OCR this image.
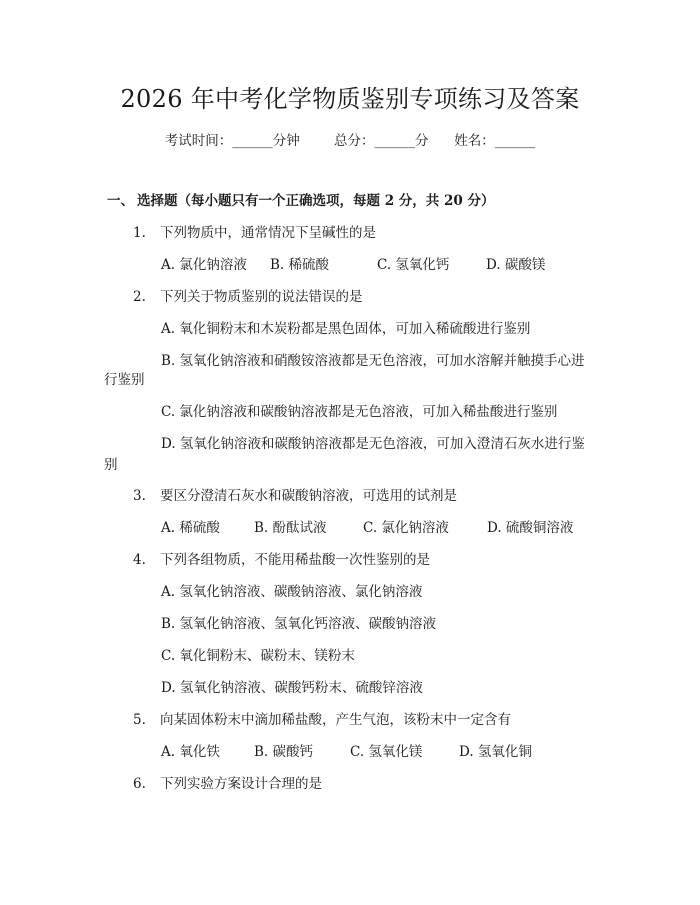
2026 年中考化学物质鉴别专项练习及答案
考试时间：______分钟	总分：______分 姓名：______
一、 选择题（每小题只有一个正确选项，每题 2 分，共 20 分）
1. 下列物质中，通常情况下呈碱性的是
A. 氯化钠溶液 B. 稀硫酸	C. 氢氧化钙	D. 碳酸镁
2. 下列关于物质鉴别的说法错误的是
A. 氧化铜粉末和木炭粉都是黑色固体，可加入稀硫酸进行鉴别
B. 氢氧化钠溶液和硝酸铵溶液都是无色溶液，可加水溶解并触摸手心进
行鉴别
C. 氯化钠溶液和碳酸钠溶液都是无色溶液，可加入稀盐酸进行鉴别
D. 氢氧化钠溶液和碳酸钠溶液都是无色溶液，可加入澄清石灰水进行鉴
别
3. 要区分澄清石灰水和碳酸钠溶液，可选用的试剂是
A. 稀硫酸	B. 酚酞试液	C. 氯化钠溶液	D. 硫酸铜溶液
4. 下列各组物质，不能用稀盐酸一次性鉴别的是
A. 氢氧化钠溶液、碳酸钠溶液、氯化钠溶液
B. 氢氧化钠溶液、氢氧化钙溶液、碳酸钠溶液
C. 氧化铜粉末、碳粉末、镁粉末
D. 氢氧化钠溶液、碳酸钙粉末、硫酸锌溶液
5. 向某固体粉末中滴加稀盐酸，产生气泡，该粉末中一定含有
A. 氧化铁	B. 碳酸钙	C. 氢氧化镁	D. 氢氧化铜
6. 下列实验方案设计合理的是
